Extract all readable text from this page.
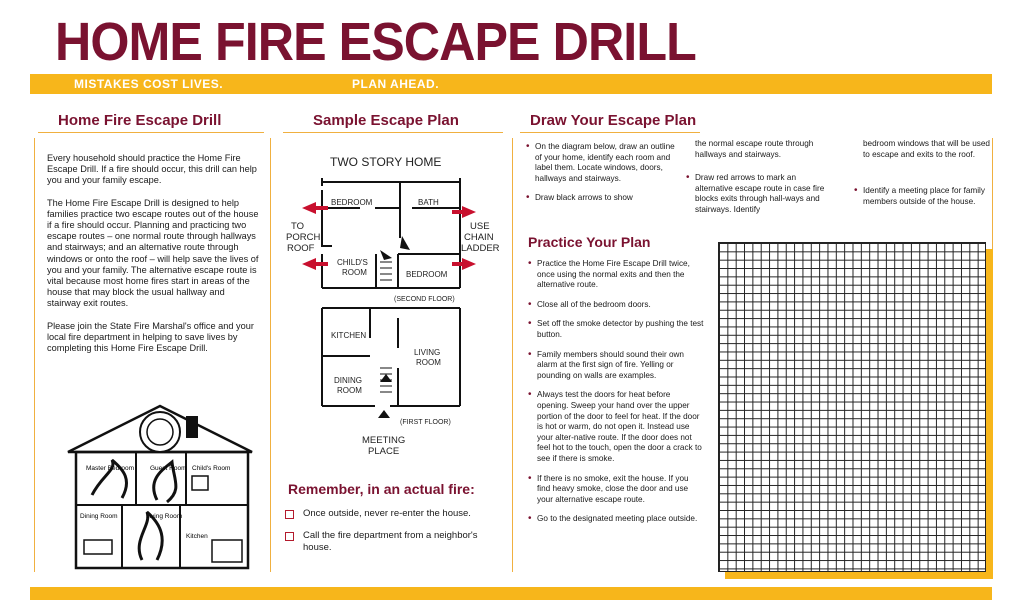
HOME FIRE ESCAPE DRILL
MISTAKES COST LIVES.	PLAN AHEAD.
Home Fire Escape Drill

Every household should practice the Home Fire Escape Drill. If a fire should occur, this drill can help you and your family escape.

The Home Fire Escape Drill is designed to help families practice two escape routes out of the house if a fire should occur. Planning and practicing two escape routes – one normal route through hallways and stairways; and an alternative route through windows or onto the roof – will help save the lives of you and your family. The alternative escape route is vital because most home fires start in areas of the house that may block the usual hallway and stairway exit routes.

Please join the State Fire Marshal's office and your local fire department in helping to save lives by completing this Home Fire Escape Drill.

Master Bedroom Guest Room Child's Room
Dining Room	Living Room
Kitchen
Sample Escape Plan
TWO STORY HOME
BEDROOM	BATH
TO
PORCH
ROOF
USE
CHAIN
LADDER
CHILD'S
ROOM	BEDROOM
(SECOND FLOOR)
KITCHEN
LIVING
ROOM
DINING
ROOM
(FIRST FLOOR)
MEETING
PLACE
Remember, in an actual fire:
Once outside, never re-enter the house.
Call the fire department from a neighbor's house.
Draw Your Escape Plan
• On the diagram below, draw an outline of your home, identify each room and label them. Locate windows, doors, hallways and stairways.
• Draw black arrows to show
the normal escape route through hallways and stairways.
• Draw red arrows to mark an alternative escape route in case fire blocks exits through hall-ways and stairways. Identify
bedroom windows that will be used to escape and exits to the roof.
• Identify a meeting place for family members outside of the house.
Practice Your Plan
• Practice the Home Fire Escape Drill twice, once using the normal exits and then the alternative route.
• Close all of the bedroom doors.
• Set off the smoke detector by pushing the test button.
• Family members should sound their own alarm at the first sign of fire. Yelling or pounding on walls are examples.
• Always test the doors for heat before opening. Sweep your hand over the upper portion of the door to feel for heat. If the door is hot or warm, do not open it. Instead use your alter-native route. If the door does not feel hot to the touch, open the door a crack to see if there is smoke.
• If there is no smoke, exit the house. If you find heavy smoke, close the door and use your alternative escape route.
• Go to the designated meeting place outside.
